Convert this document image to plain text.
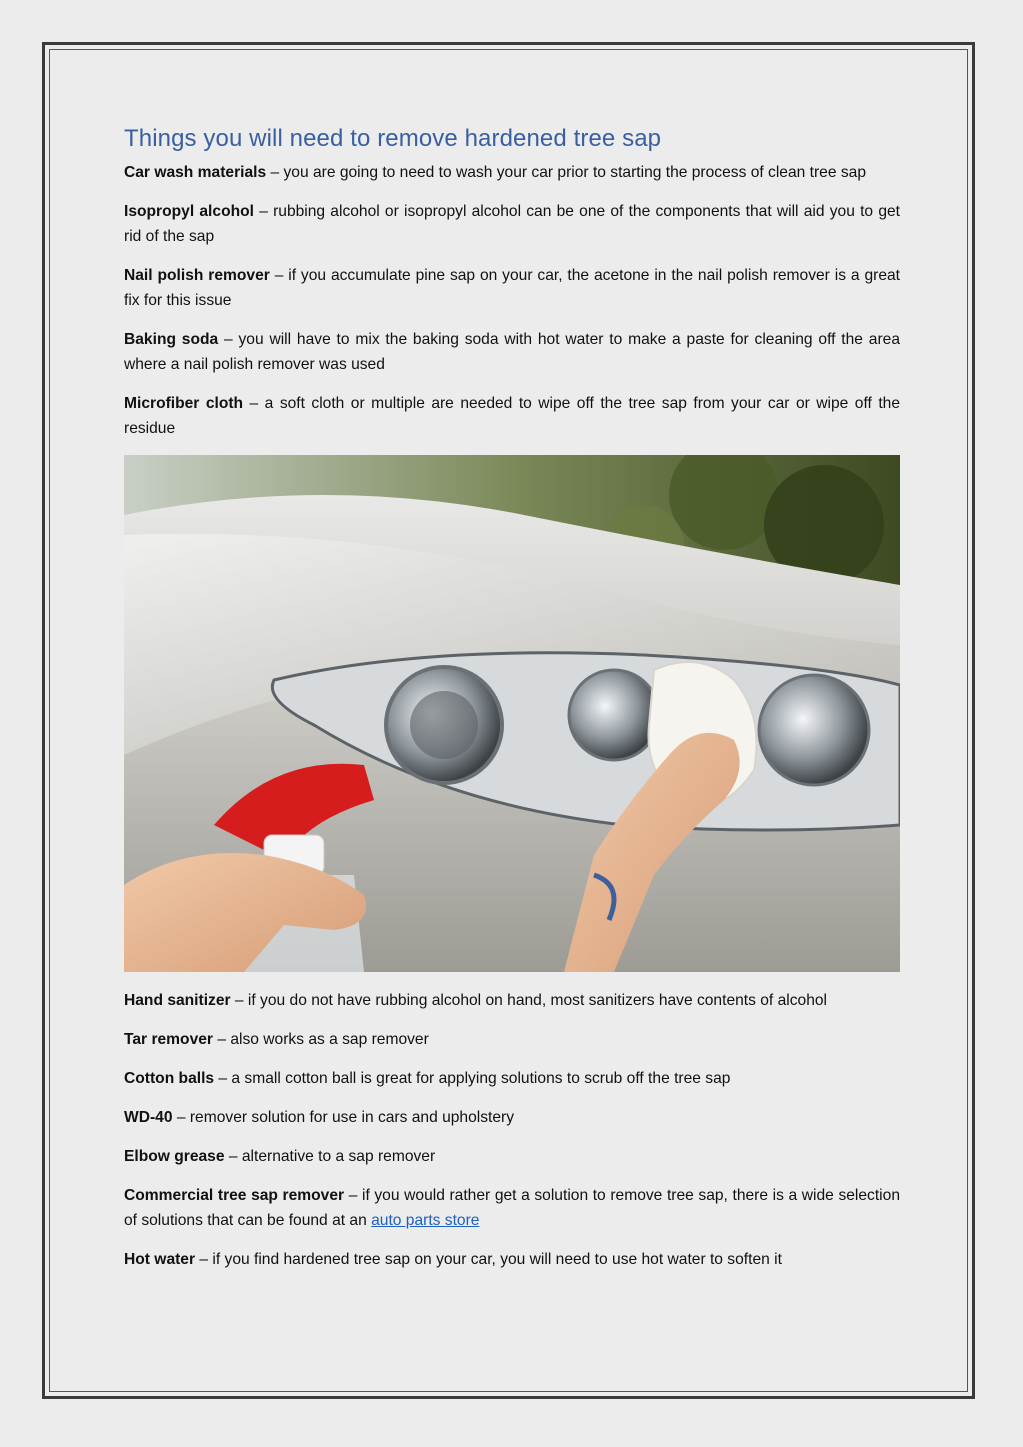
Things you will need to remove hardened tree sap

Car wash materials – you are going to need to wash your car prior to starting the process of clean tree sap

Isopropyl alcohol – rubbing alcohol or isopropyl alcohol can be one of the components that will aid you to get rid of the sap

Nail polish remover – if you accumulate pine sap on your car, the acetone in the nail polish remover is a great fix for this issue

Baking soda – you will have to mix the baking soda with hot water to make a paste for cleaning off the area where a nail polish remover was used

Microfiber cloth – a soft cloth or multiple are needed to wipe off the tree sap from your car or wipe off the residue

Hand sanitizer – if you do not have rubbing alcohol on hand, most sanitizers have contents of alcohol

Tar remover – also works as a sap remover

Cotton balls – a small cotton ball is great for applying solutions to scrub off the tree sap

WD-40 – remover solution for use in cars and upholstery

Elbow grease – alternative to a sap remover

Commercial tree sap remover – if you would rather get a solution to remove tree sap, there is a wide selection of solutions that can be found at an auto parts store

Hot water – if you find hardened tree sap on your car, you will need to use hot water to soften it
